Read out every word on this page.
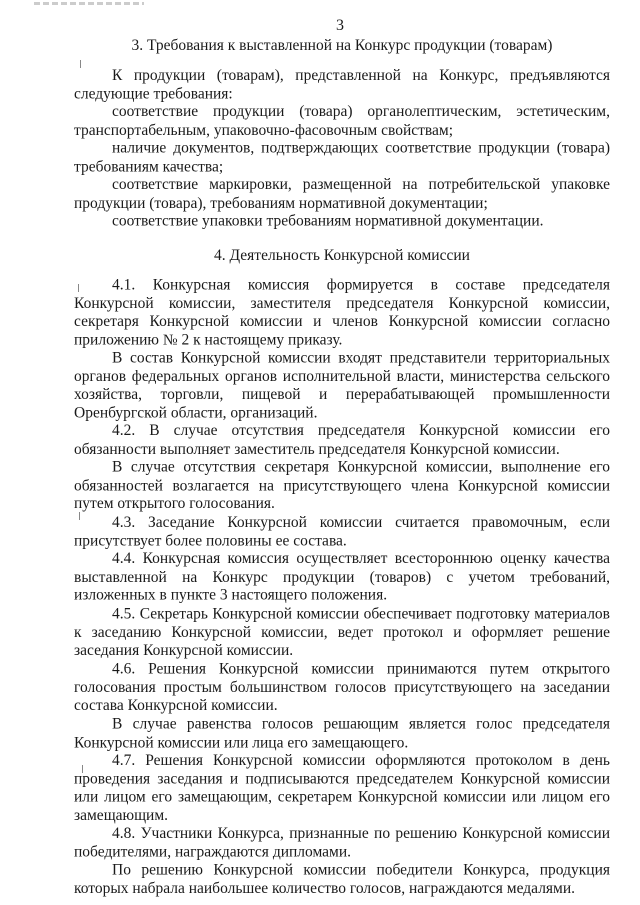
3
3. Требования к выставленной на Конкурс продукции (товарам)

К продукции (товарам), представленной на Конкурс, предъявляются следующие требования:

соответствие продукции (товара) органолептическим, эстетическим, транспортабельным, упаковочно-фасовочным свойствам;

наличие документов, подтверждающих соответствие продукции (товара) требованиям качества;

соответствие маркировки, размещенной на потребительской упаковке продукции (товара), требованиям нормативной документации;

соответствие упаковки требованиям нормативной документации.

4. Деятельность Конкурсной комиссии

4.1. Конкурсная комиссия формируется в составе председателя Конкурсной комиссии, заместителя председателя Конкурсной комиссии, секретаря Конкурсной комиссии и членов Конкурсной комиссии согласно приложению № 2 к настоящему приказу.

В состав Конкурсной комиссии входят представители территориальных органов федеральных органов исполнительной власти, министерства сельского хозяйства, торговли, пищевой и перерабатывающей промышленности Оренбургской области, организаций.

4.2. В случае отсутствия председателя Конкурсной комиссии его обязанности выполняет заместитель председателя Конкурсной комиссии.

В случае отсутствия секретаря Конкурсной комиссии, выполнение его обязанностей возлагается на присутствующего члена Конкурсной комиссии путем открытого голосования.

4.3. Заседание Конкурсной комиссии считается правомочным, если присутствует более половины ее состава.

4.4. Конкурсная комиссия осуществляет всестороннюю оценку качества выставленной на Конкурс продукции (товаров) с учетом требований, изложенных в пункте 3 настоящего положения.

4.5. Секретарь Конкурсной комиссии обеспечивает подготовку материалов к заседанию Конкурсной комиссии, ведет протокол и оформляет решение заседания Конкурсной комиссии.

4.6. Решения Конкурсной комиссии принимаются путем открытого голосования простым большинством голосов присутствующего на заседании состава Конкурсной комиссии.

В случае равенства голосов решающим является голос председателя Конкурсной комиссии или лица его замещающего.

4.7. Решения Конкурсной комиссии оформляются протоколом в день проведения заседания и подписываются председателем Конкурсной комиссии или лицом его замещающим, секретарем Конкурсной комиссии или лицом его замещающим.

4.8. Участники Конкурса, признанные по решению Конкурсной комиссии победителями, награждаются дипломами.

По решению Конкурсной комиссии победители Конкурса, продукция которых набрала наибольшее количество голосов, награждаются медалями.
